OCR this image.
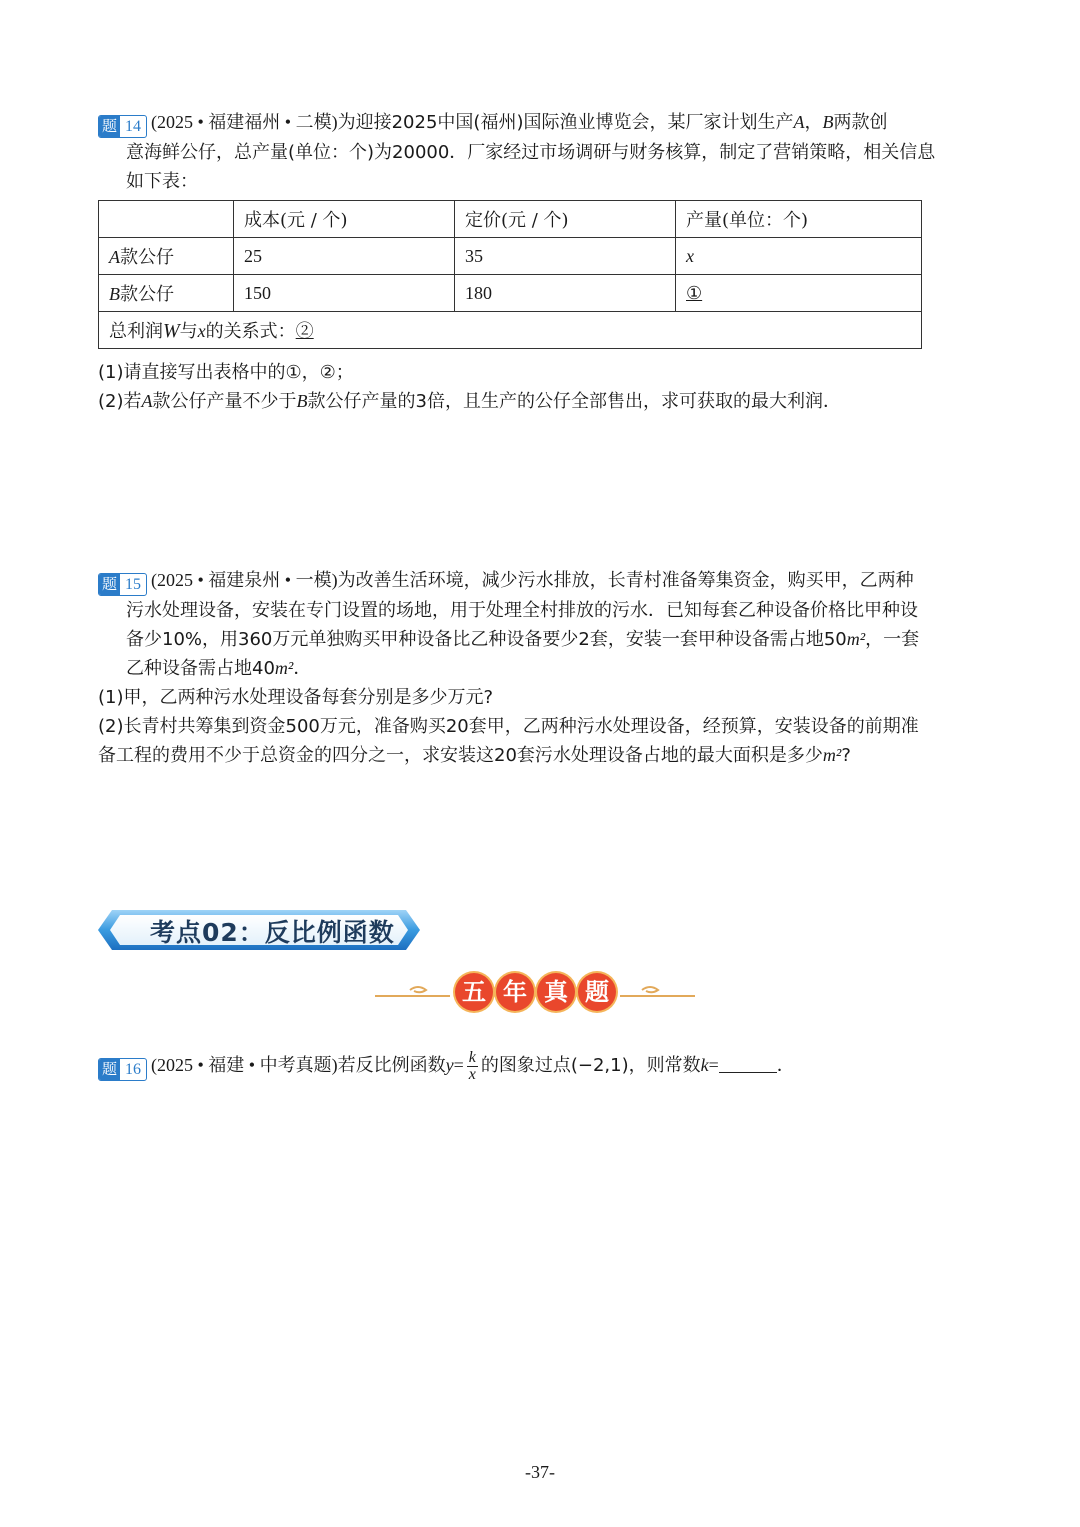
题 14 (2025 • 福建福州 • 二模)为迎接2025中国(福州)国际渔业博览会，某厂家计划生产A，B两款创
意海鲜公仔，总产量(单位：个)为20000．厂家经过市场调研与财务核算，制定了营销策略，相关信息
如下表：
	成本(元 / 个)	定价(元 / 个)	产量(单位：个)
A款公仔	25	35	x
B款公仔	150	180	①
总利润W与x的关系式：②			
(1)请直接写出表格中的①，②；
(2)若A款公仔产量不少于B款公仔产量的3倍，且生产的公仔全部售出，求可获取的最大利润．
题 15 (2025 • 福建泉州 • 一模)为改善生活环境，减少污水排放，长青村准备筹集资金，购买甲，乙两种
污水处理设备，安装在专门设置的场地，用于处理全村排放的污水．已知每套乙种设备价格比甲种设
备少10%，用360万元单独购买甲种设备比乙种设备要少2套，安装一套甲种设备需占地50m²，一套
乙种设备需占地40m²．
(1)甲，乙两种污水处理设备每套分别是多少万元?
(2)长青村共筹集到资金500万元，准备购买20套甲，乙两种污水处理设备，经预算，安装设备的前期准
备工程的费用不少于总资金的四分之一，求安装这20套污水处理设备占地的最大面积是多少m²?
考点02：反比例函数
五 年 真 题
题 16 (2025 • 福建 • 中考真题)若反比例函数$y= \frac{k}{x}$ 的图象过点(−2,1)，则常数k=	．
-37-
